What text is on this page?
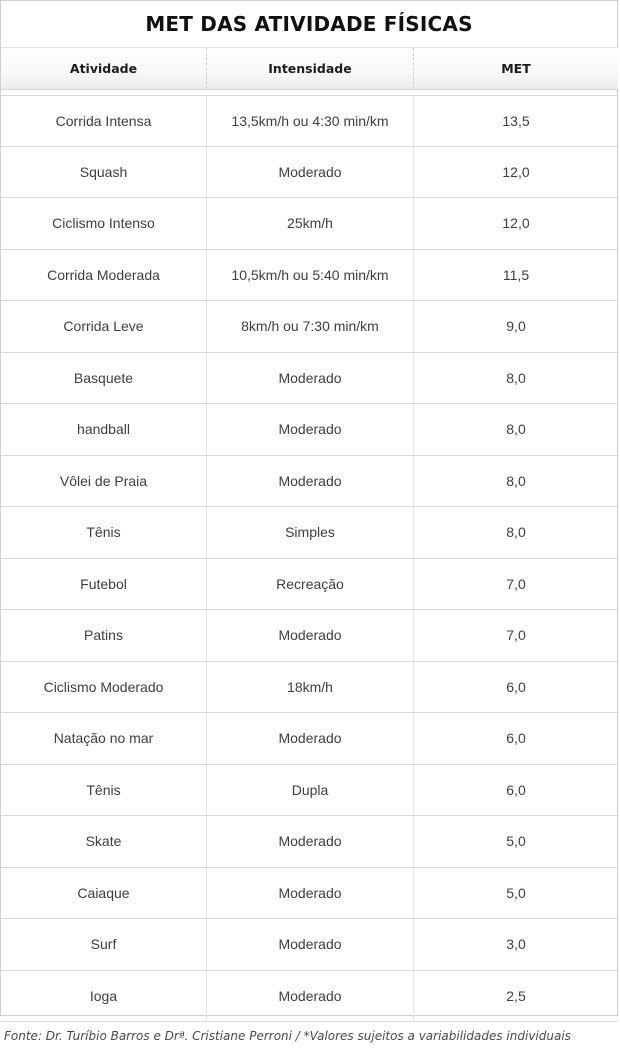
MET DAS ATIVIDADE FÍSICAS
Atividade	Intensidade	MET
Corrida Intensa	13,5km/h ou 4:30 min/km	13,5
Squash	Moderado	12,0
Ciclismo Intenso	25km/h	12,0
Corrida Moderada	10,5km/h ou 5:40 min/km	11,5
Corrida Leve	8km/h ou 7:30 min/km	9,0
Basquete	Moderado	8,0
handball	Moderado	8,0
Vôlei de Praia	Moderado	8,0
Tênis	Simples	8,0
Futebol	Recreação	7,0
Patins	Moderado	7,0
Ciclismo Moderado	18km/h	6,0
Natação no mar	Moderado	6,0
Tênis	Dupla	6,0
Skate	Moderado	5,0
Caiaque	Moderado	5,0
Surf	Moderado	3,0
Ioga	Moderado	2,5
Fonte: Dr. Turíbio Barros e Drª. Cristiane Perroni / *Valores sujeitos a variabilidades individuais
